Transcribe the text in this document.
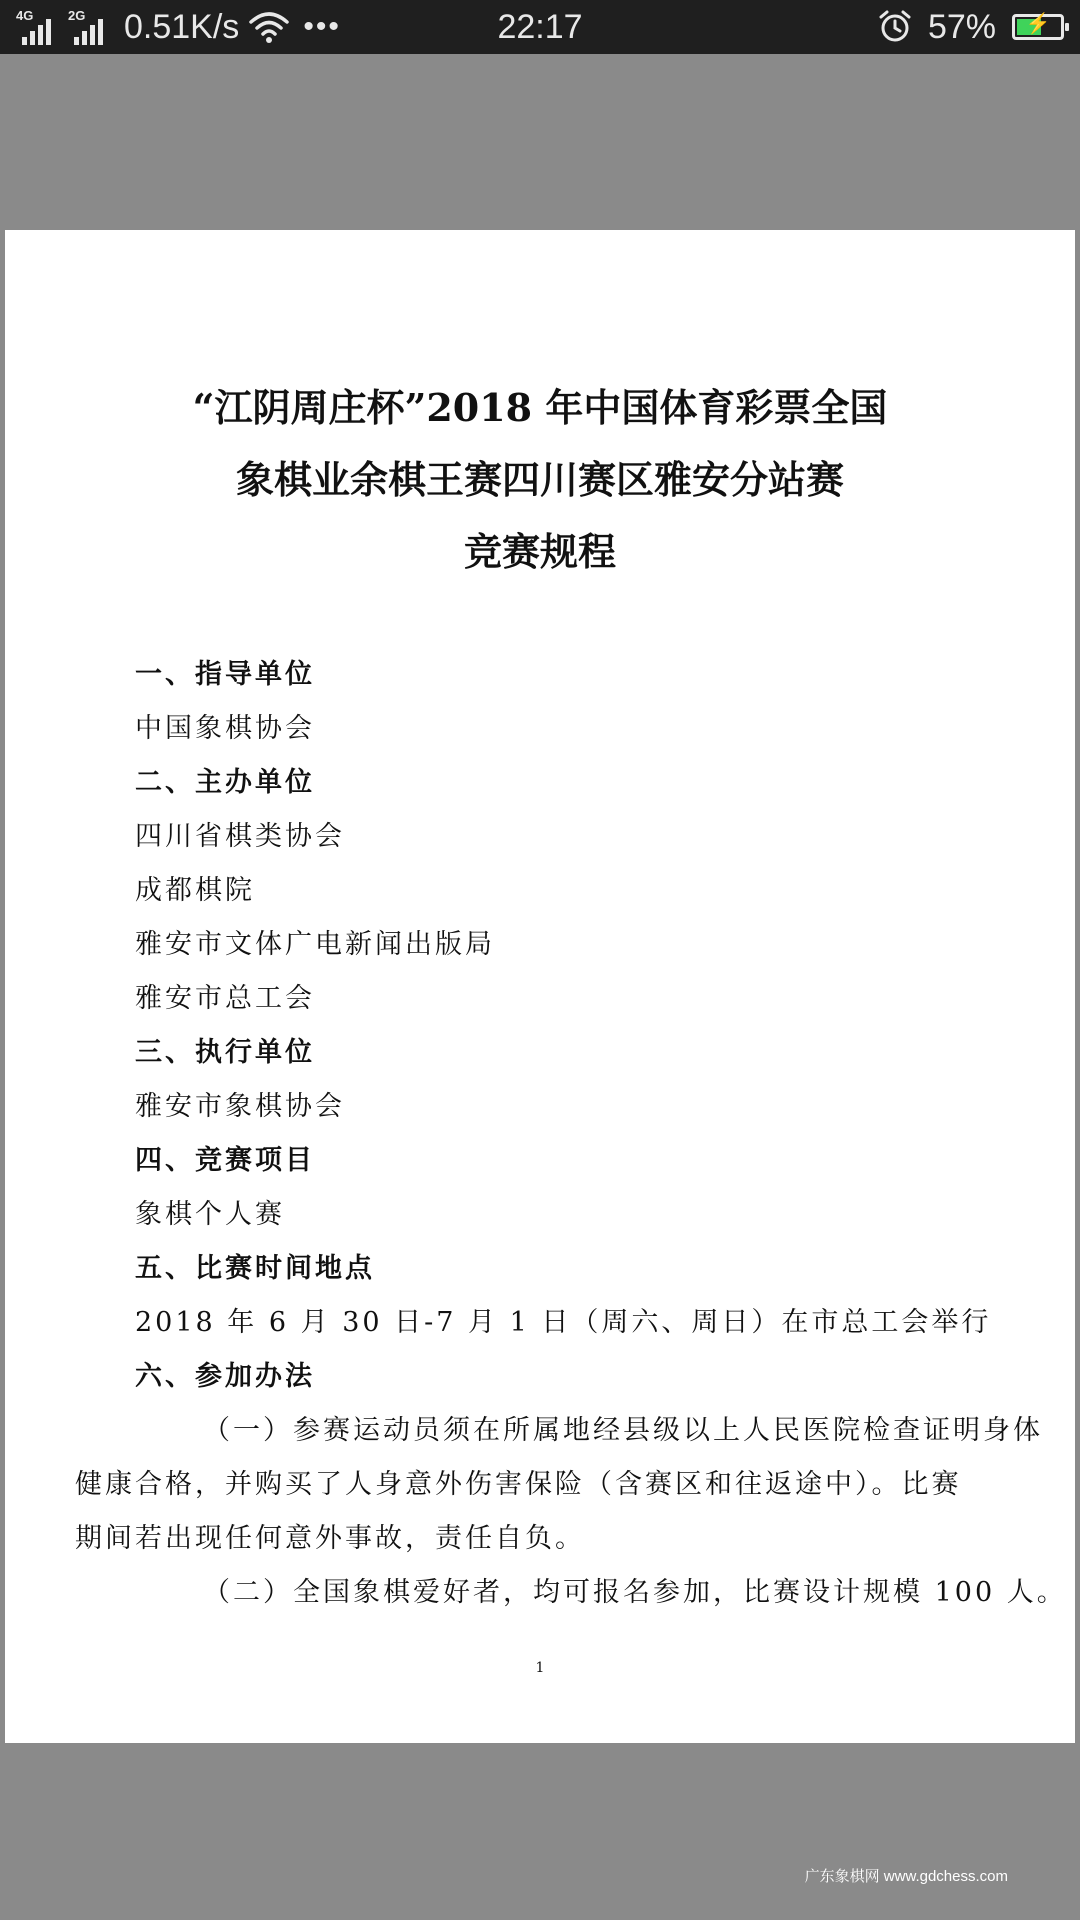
4G	2G 0.51K/s •••	22:17	57%	⚡
“江阴周庄杯”2018 年中国体育彩票全国
象棋业余棋王赛四川赛区雅安分站赛
竞赛规程
一、指导单位
中国象棋协会
二、主办单位
四川省棋类协会
成都棋院
雅安市文体广电新闻出版局
雅安市总工会
三、执行单位
雅安市象棋协会
四、竞赛项目
象棋个人赛
五、比赛时间地点
2018 年 6 月 30 日-7 月 1 日（周六、周日）在市总工会举行
六、参加办法
（一）参赛运动员须在所属地经县级以上人民医院检查证明身体
健康合格，并购买了人身意外伤害保险（含赛区和往返途中）。比赛
期间若出现任何意外事故，责任自负。
（二）全国象棋爱好者，均可报名参加，比赛设计规模 100 人。
1
广东象棋网 www.gdchess.com
